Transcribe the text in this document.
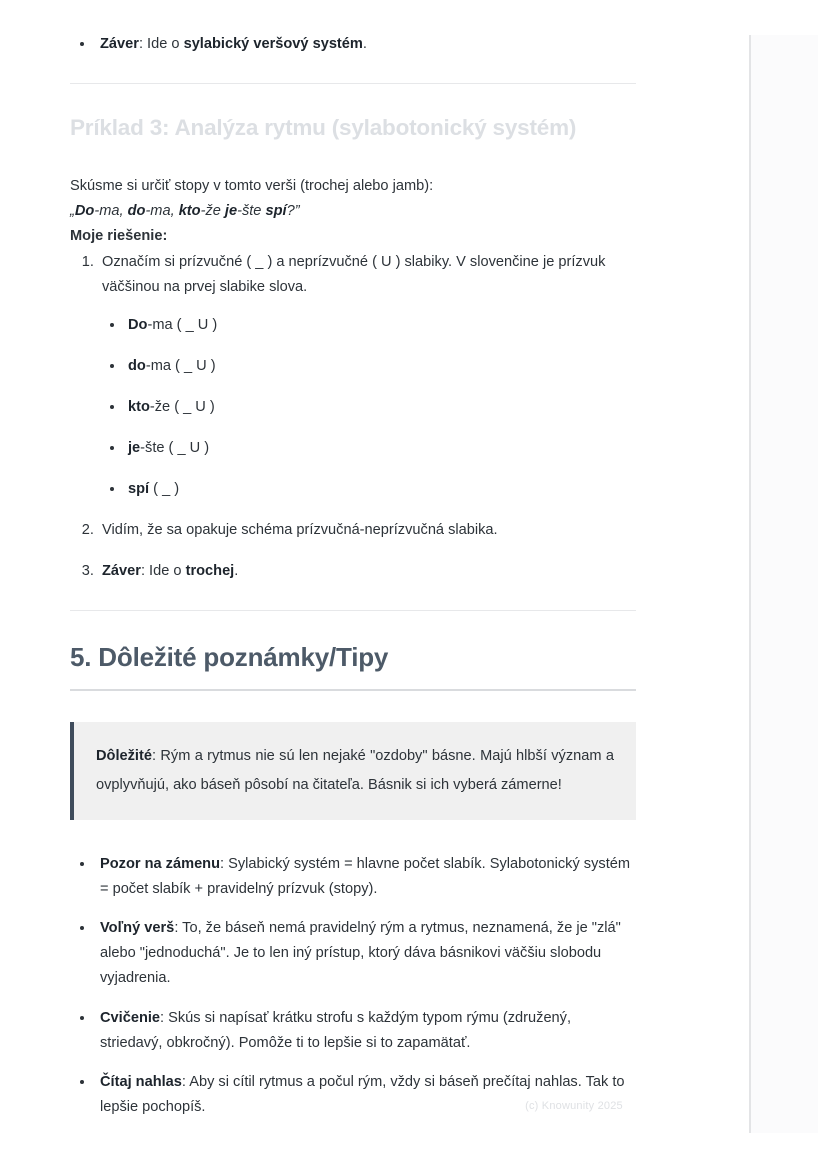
• Záver: Ide o sylabický veršový systém.
Príklad 3: Analýza rytmu (sylabotonický systém)

Skúsme si určiť stopy v tomto verši (trochej alebo jamb):

„Do-ma, do-ma, kto-že je-šte spí?”

Moje riešenie:

1. Označím si prízvučné ( _ ) a neprízvučné ( U ) slabiky. V slovenčine je prízvuk väčšinou na prvej slabike slova.
• Do-ma ( _ U )
• do-ma ( _ U )
• kto-že ( _ U )
• je-šte ( _ U )
• spí ( _ )
2. Vidím, že sa opakuje schéma prízvučná-neprízvučná slabika.
3. Záver: Ide o trochej.
5. Dôležité poznámky/Tipy

Dôležité: Rým a rytmus nie sú len nejaké "ozdoby" básne. Majú hlbší význam a ovplyvňujú, ako báseň pôsobí na čitateľa. Básnik si ich vyberá zámerne!

• Pozor na zámenu: Sylabický systém = hlavne počet slabík. Sylabotonický systém = počet slabík + pravidelný prízvuk (stopy).
• Voľný verš: To, že báseň nemá pravidelný rým a rytmus, neznamená, že je "zlá" alebo "jednoduchá". Je to len iný prístup, ktorý dáva básnikovi väčšiu slobodu vyjadrenia.
• Cvičenie: Skús si napísať krátku strofu s každým typom rýmu (združený, striedavý, obkročný). Pomôže ti to lepšie si to zapamätať.
• Čítaj nahlas: Aby si cítil rytmus a počul rým, vždy si báseň prečítaj nahlas. Tak to lepšie pochopíš.	(c) Knowunity 2025
